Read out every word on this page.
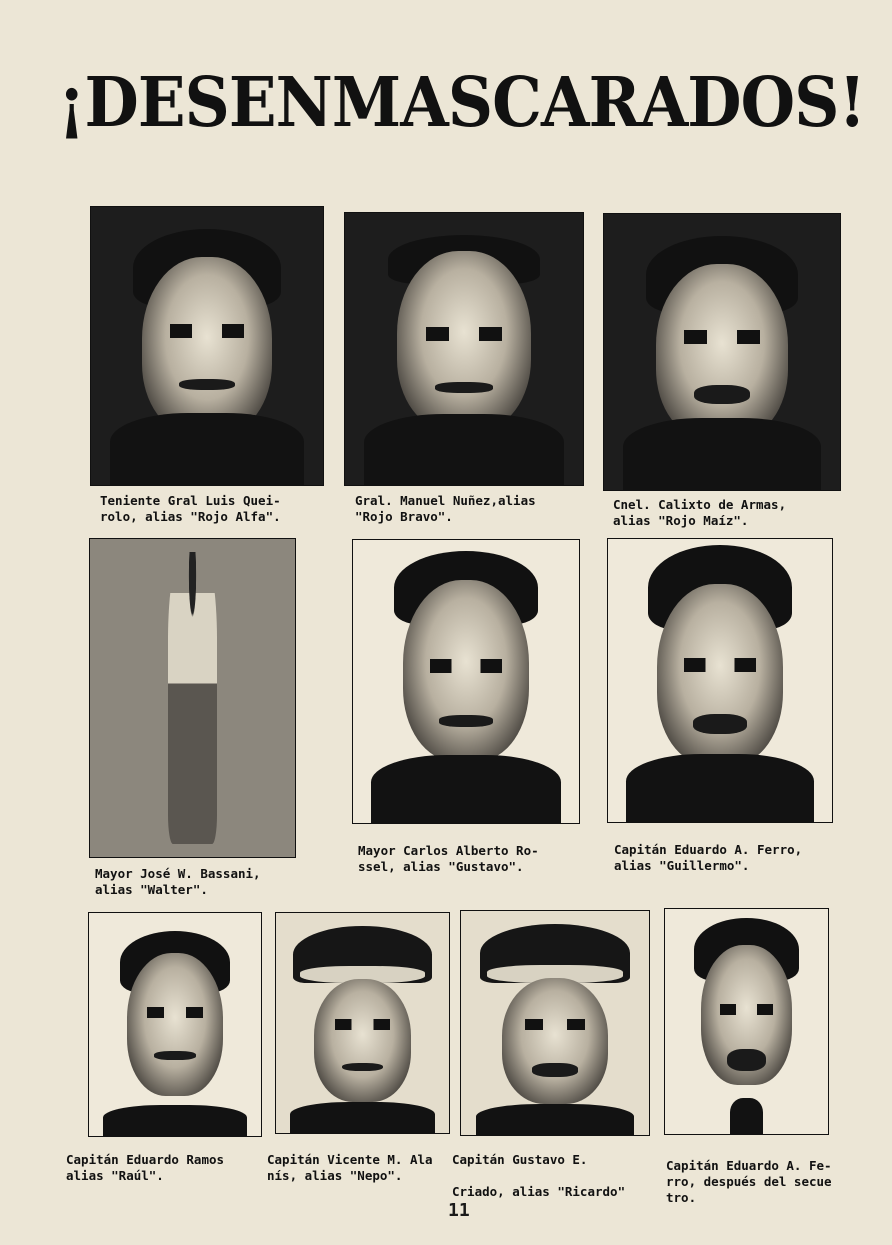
¡DESENMASCARADOS!
Teniente Gral Luis Quei-
rolo, alias "Rojo Alfa".
Gral. Manuel Nuñez,alias
"Rojo Bravo".
Cnel. Calixto de Armas,
alias "Rojo Maíz".
Mayor José W. Bassani,
alias "Walter".
Mayor Carlos Alberto Ro-
ssel, alias "Gustavo".
Capitán Eduardo A. Ferro,
alias "Guillermo".
Capitán Eduardo Ramos
alias "Raúl".
Capitán Vicente M. Ala
nís, alias "Nepo".
Capitán Gustavo E.

Criado, alias "Ricardo"
Capitán Eduardo A. Fe-
rro, después del secue
tro.
11
